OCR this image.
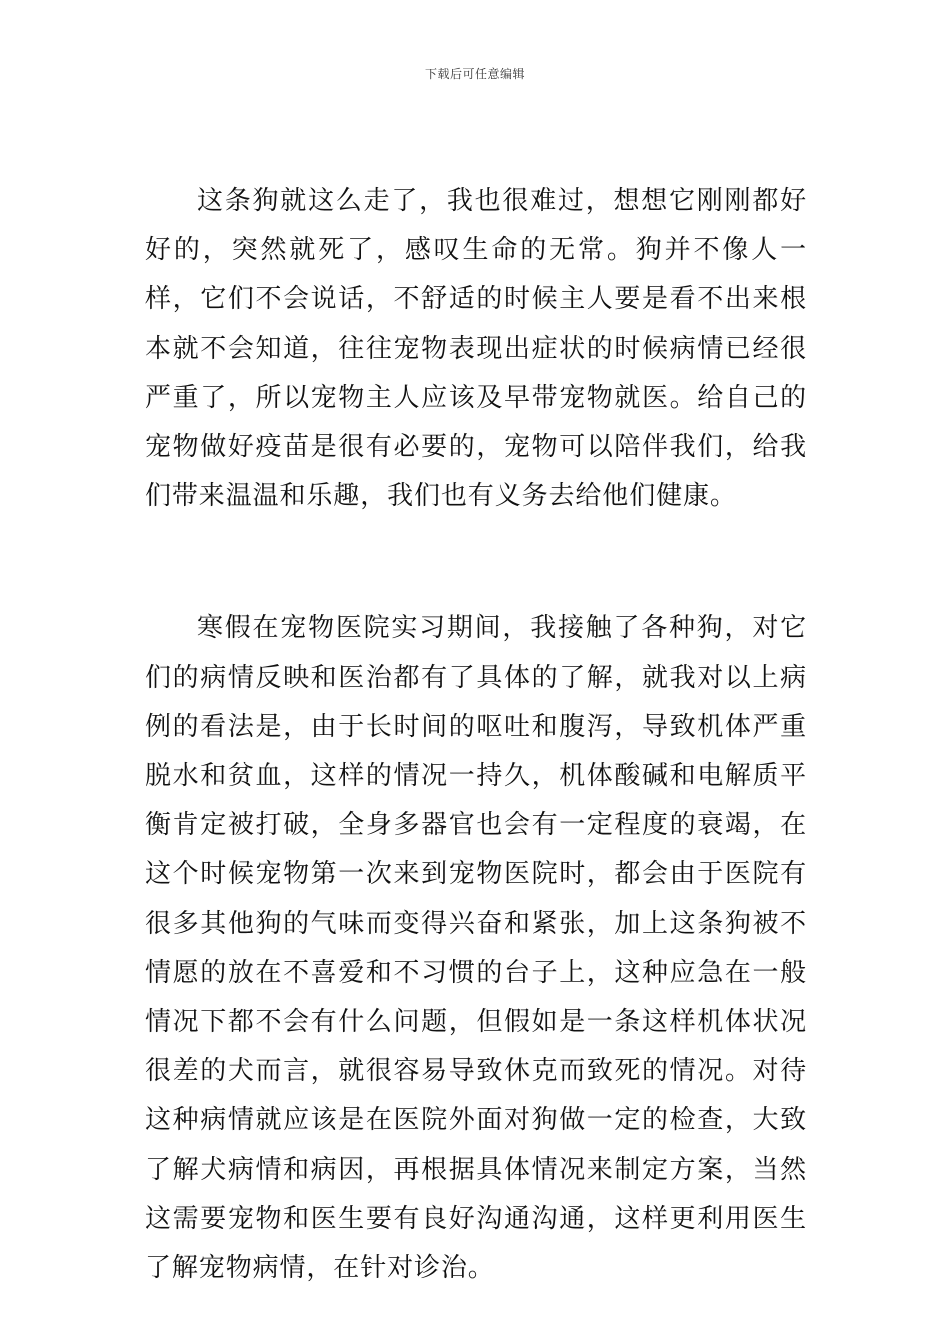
下载后可任意编辑

这条狗就这么走了，我也很难过，想想它刚刚都好好的，突然就死了，感叹生命的无常。狗并不像人一样，它们不会说话，不舒适的时候主人要是看不出来根本就不会知道，往往宠物表现出症状的时候病情已经很严重了，所以宠物主人应该及早带宠物就医。给自己的宠物做好疫苗是很有必要的，宠物可以陪伴我们，给我们带来温温和乐趣，我们也有义务去给他们健康。

寒假在宠物医院实习期间，我接触了各种狗，对它们的病情反映和医治都有了具体的了解，就我对以上病例的看法是，由于长时间的呕吐和腹泻，导致机体严重脱水和贫血，这样的情况一持久，机体酸碱和电解质平衡肯定被打破，全身多器官也会有一定程度的衰竭，在这个时候宠物第一次来到宠物医院时，都会由于医院有很多其他狗的气味而变得兴奋和紧张，加上这条狗被不情愿的放在不喜爱和不习惯的台子上，这种应急在一般情况下都不会有什么问题，但假如是一条这样机体状况很差的犬而言，就很容易导致休克而致死的情况。对待这种病情就应该是在医院外面对狗做一定的检查，大致了解犬病情和病因，再根据具体情况来制定方案，当然这需要宠物和医生要有良好沟通沟通，这样更利用医生了解宠物病情，在针对诊治。
